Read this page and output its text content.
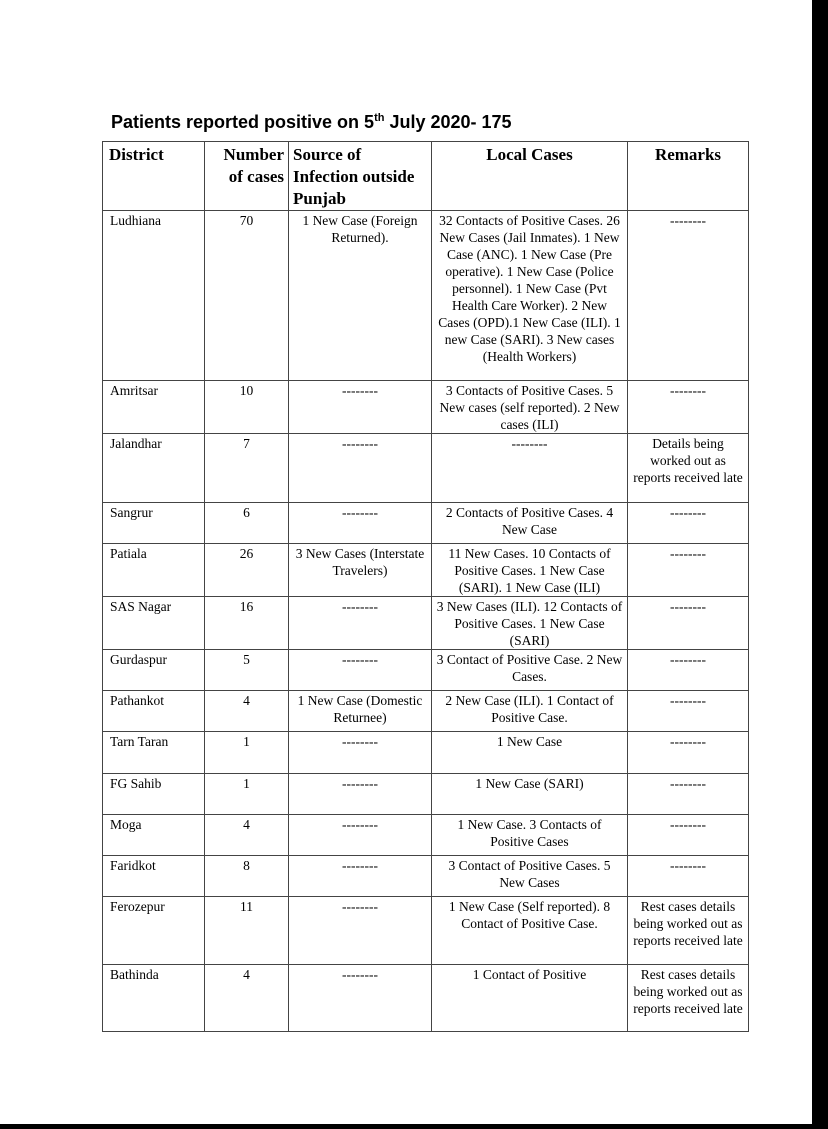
Patients reported positive on 5th July 2020- 175
District	Number of cases	Source of Infection outside Punjab	Local Cases	Remarks
Ludhiana	70	1 New Case (Foreign Returned).	32 Contacts of Positive Cases. 26 New Cases (Jail Inmates). 1 New Case (ANC). 1 New Case (Pre operative). 1 New Case (Police personnel). 1 New Case (Pvt Health Care Worker). 2 New Cases (OPD).1 New Case (ILI). 1 new Case (SARI). 3 New cases (Health Workers)	--------
Amritsar	10	--------	3 Contacts of Positive Cases. 5 New cases (self reported). 2 New cases (ILI)	--------
Jalandhar	7	--------	--------	Details being worked out as reports received late
Sangrur	6	--------	2 Contacts of Positive Cases. 4 New Case	--------
Patiala	26	3 New Cases (Interstate Travelers)	11 New Cases. 10 Contacts of Positive Cases. 1 New Case (SARI). 1 New Case (ILI)	--------
SAS Nagar	16	--------	3 New Cases (ILI). 12 Contacts of Positive Cases. 1 New Case (SARI)	--------
Gurdaspur	5	--------	3 Contact of Positive Case. 2 New Cases.	--------
Pathankot	4	1 New Case (Domestic Returnee)	2 New Case (ILI). 1 Contact of Positive Case.	--------
Tarn Taran	1	--------	1 New Case	--------
FG Sahib	1	--------	1 New Case (SARI)	--------
Moga	4	--------	1 New Case. 3 Contacts of Positive Cases	--------
Faridkot	8	--------	3 Contact of Positive Cases. 5 New Cases	--------
Ferozepur	11	--------	1 New Case (Self reported). 8 Contact of Positive Case.	Rest cases details being worked out as reports received late
Bathinda	4	--------	1 Contact of Positive	Rest cases details being worked out as reports received late
